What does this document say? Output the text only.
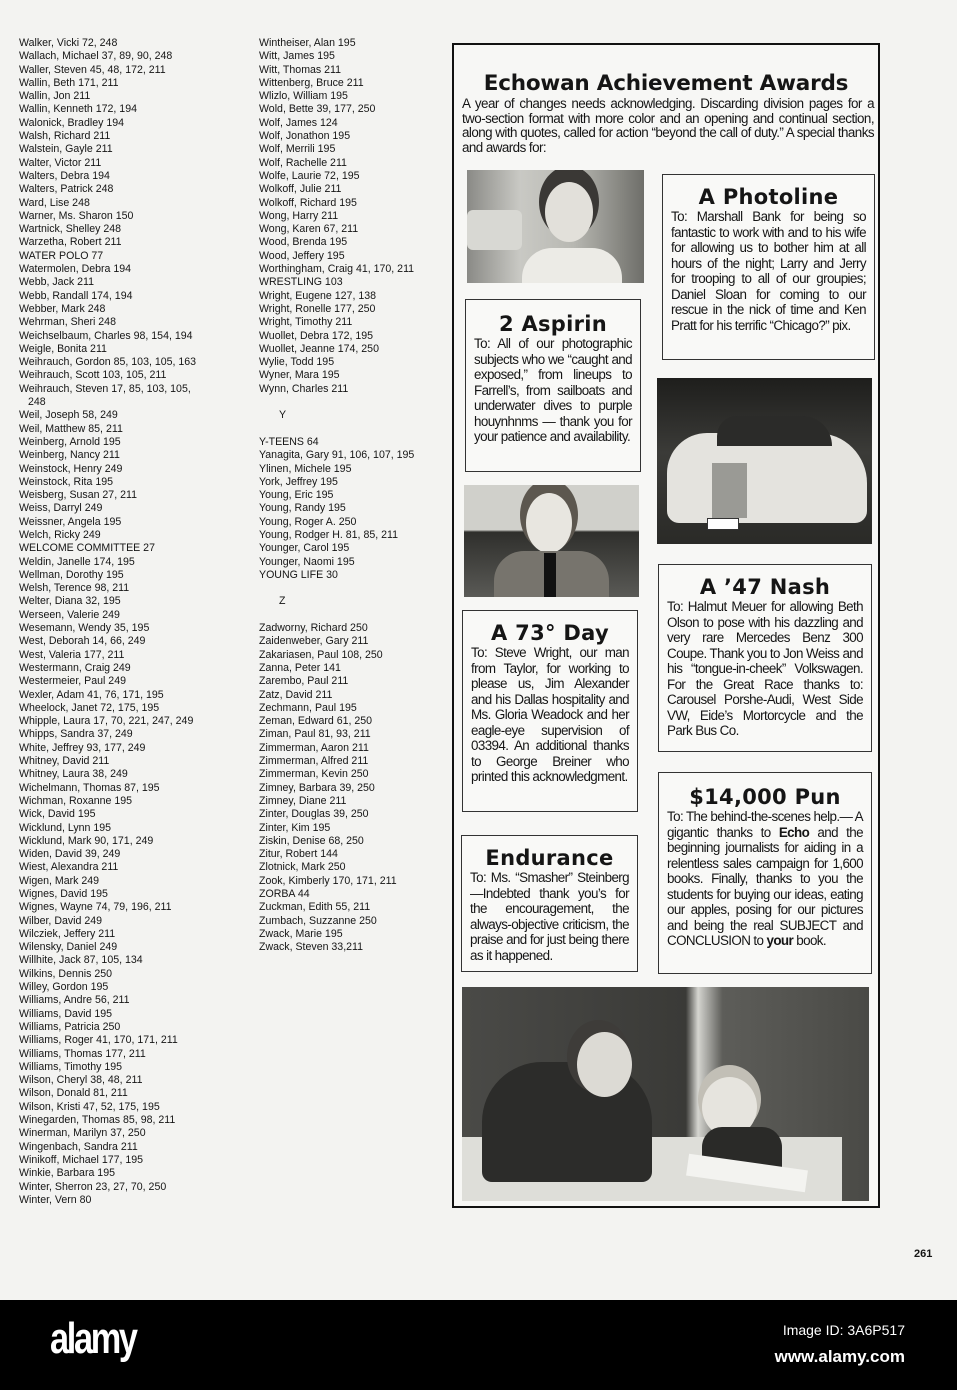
Walker, Vicki 72, 248
Wallach, Michael 37, 89, 90, 248
Waller, Steven 45, 48, 172, 211
Wallin, Beth 171, 211
Wallin, Jon 211
Wallin, Kenneth 172, 194
Walonick, Bradley 194
Walsh, Richard 211
Walstein, Gayle 211
Walter, Victor 211
Walters, Debra 194
Walters, Patrick 248
Ward, Lise 248
Warner, Ms. Sharon 150
Wartnick, Shelley 248
Warzetha, Robert 211
WATER POLO 77
Watermolen, Debra 194
Webb, Jack 211
Webb, Randall 174, 194
Webber, Mark 248
Wehrman, Sheri 248
Weichselbaum, Charles 98, 154, 194
Weigle, Bonita 211
Weihrauch, Gordon 85, 103, 105, 163
Weihrauch, Scott 103, 105, 211
Weihrauch, Steven 17, 85, 103, 105,
248
Weil, Joseph 58, 249
Weil, Matthew 85, 211
Weinberg, Arnold 195
Weinberg, Nancy 211
Weinstock, Henry 249
Weinstock, Rita 195
Weisberg, Susan 27, 211
Weiss, Darryl 249
Weissner, Angela 195
Welch, Ricky 249
WELCOME COMMITTEE 27
Weldin, Janelle 174, 195
Wellman, Dorothy 195
Welsh, Terence 98, 211
Welter, Diana 32, 195
Werseen, Valerie 249
Wesemann, Wendy 35, 195
West, Deborah 14, 66, 249
West, Valeria 177, 211
Westermann, Craig 249
Westermeier, Paul 249
Wexler, Adam 41, 76, 171, 195
Wheelock, Janet 72, 175, 195
Whipple, Laura 17, 70, 221, 247, 249
Whipps, Sandra 37, 249
White, Jeffrey 93, 177, 249
Whitney, David 211
Whitney, Laura 38, 249
Wichelmann, Thomas 87, 195
Wichman, Roxanne 195
Wick, David 195
Wicklund, Lynn 195
Wicklund, Mark 90, 171, 249
Widen, David 39, 249
Wiest, Alexandra 211
Wigen, Mark 249
Wignes, David 195
Wignes, Wayne 74, 79, 196, 211
Wilber, David 249
Wilcziek, Jeffery 211
Wilensky, Daniel 249
Willhite, Jack 87, 105, 134
Wilkins, Dennis 250
Willey, Gordon 195
Williams, Andre 56, 211
Williams, David 195
Williams, Patricia 250
Williams, Roger 41, 170, 171, 211
Williams, Thomas 177, 211
Williams, Timothy 195
Wilson, Cheryl 38, 48, 211
Wilson, Donald 81, 211
Wilson, Kristi 47, 52, 175, 195
Winegarden, Thomas 85, 98, 211
Winerman, Marilyn 37, 250
Wingenbach, Sandra 211
Winikoff, Michael 177, 195
Winkie, Barbara 195
Winter, Sherron 23, 27, 70, 250
Winter, Vern 80
Wintheiser, Alan 195
Witt, James 195
Witt, Thomas 211
Wittenberg, Bruce 211
Wlizlo, William 195
Wold, Bette 39, 177, 250
Wolf, James 124
Wolf, Jonathon 195
Wolf, Merrili 195
Wolf, Rachelle 211
Wolfe, Laurie 72, 195
Wolkoff, Julie 211
Wolkoff, Richard 195
Wong, Harry 211
Wong, Karen 67, 211
Wood, Brenda 195
Wood, Jeffery 195
Worthingham, Craig 41, 170, 211
WRESTLING 103
Wright, Eugene 127, 138
Wright, Ronelle 177, 250
Wright, Timothy 211
Wuollet, Debra 172, 195
Wuollet, Jeanne 174, 250
Wylie, Todd 195
Wyner, Mara 195
Wynn, Charles 211
Y
Y-TEENS 64
Yanagita, Gary 91, 106, 107, 195
Ylinen, Michele 195
York, Jeffrey 195
Young, Eric 195
Young, Randy 195
Young, Roger A. 250
Young, Rodger H. 81, 85, 211
Younger, Carol 195
Younger, Naomi 195
YOUNG LIFE 30
Z
Zadworny, Richard 250
Zaidenweber, Gary 211
Zakariasen, Paul 108, 250
Zanna, Peter 141
Zarembo, Paul 211
Zatz, David 211
Zechmann, Paul 195
Zeman, Edward 61, 250
Ziman, Paul 81, 93, 211
Zimmerman, Aaron 211
Zimmerman, Alfred 211
Zimmerman, Kevin 250
Zimney, Barbara 39, 250
Zimney, Diane 211
Zinter, Douglas 39, 250
Zinter, Kim 195
Ziskin, Denise 68, 250
Zitur, Robert 144
Zlotnick, Mark 250
Zook, Kimberly 170, 171, 211
ZORBA 44
Zuckman, Edith 55, 211
Zumbach, Suzzanne 250
Zwack, Marie 195
Zwack, Steven 33,211
Echowan Achievement Awards
A year of changes needs acknowledging. Discarding division pages for a two-section format with more color and an opening and continual section, along with quotes, called for action “beyond the call of duty.” A special thanks and awards for:
A Photoline

To: Marshall Bank for being so fantastic to work with and to his wife for allowing us to bother him at all hours of the night; Larry and Jerry for trooping to all of our groupies; Daniel Sloan for coming to our rescue in the nick of time and Ken Pratt for his terrific “Chicago?” pix.

2 Aspirin

To: All of our photographic subjects who we “caught and exposed,” from lineups to Farrell’s, from sailboats and underwater dives to purple houynhnms — thank you for your patience and availability.

A ’47 Nash

To: Halmut Meuer for allowing Beth Olson to pose with his dazzling and very rare Mercedes Benz 300 Coupe. Thank you to Jon Weiss and his “tongue-in-cheek” Volkswagen. For the Great Race thanks to: Carousel Porshe-Audi, West Side VW, Eide’s Mortorcycle and the Park Bus Co.

A 73° Day

To: Steve Wright, our man from Taylor, for working to please us, Jim Alexander and his Dallas hospitality and Ms. Gloria Weadock and her eagle-eye supervision of 03394. An additional thanks to George Breiner who printed this acknowledgment.

$14,000 Pun

To: The behind-the-scenes help.— A gigantic thanks to Echo and the beginning journalists for aiding in a relentless sales campaign for 1,600 books. Finally, thanks to you the students for buying our ideas, eating our apples, posing for our pictures and being the real SUBJECT and CONCLUSION to your book.

Endurance

To: Ms. “Smasher” Steinberg—Indebted thank you’s for the encouragement, the always-objective criticism, the praise and for just being there as it happened.

261
alamy	Image ID: 3A6P517
www.alamy.com
